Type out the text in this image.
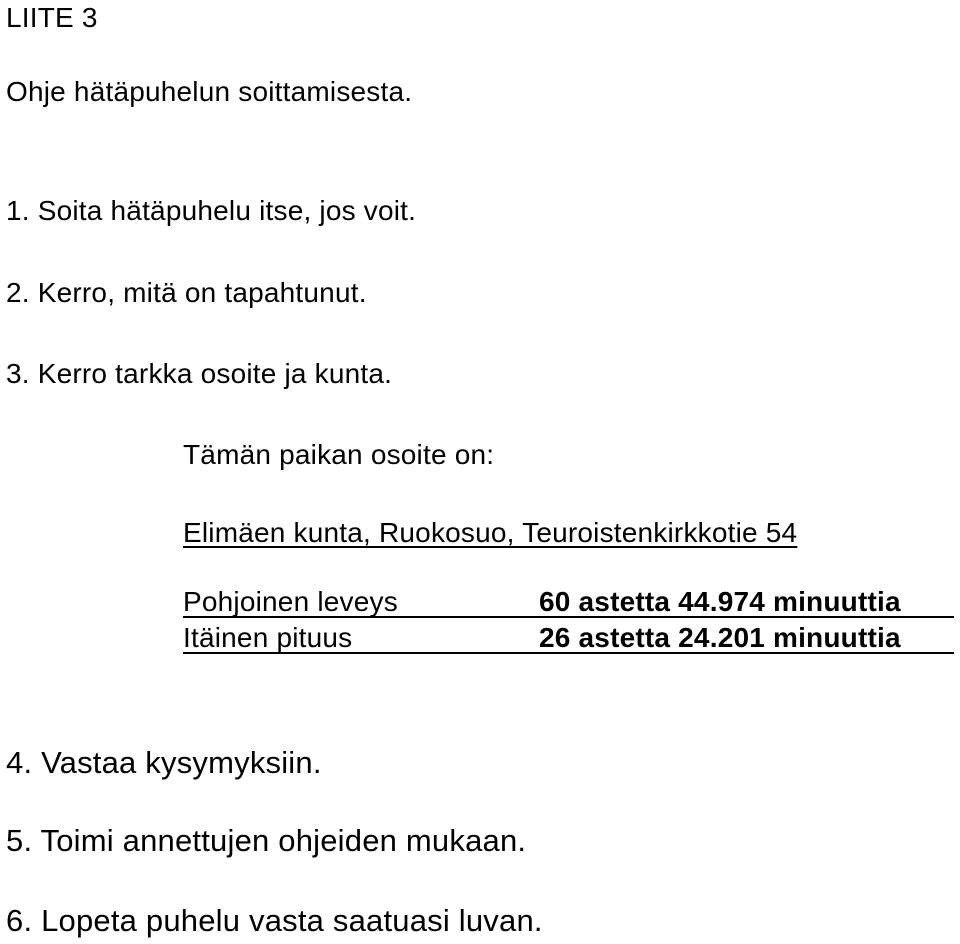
LIITE 3

Ohje hätäpuhelun soittamisesta.

1. Soita hätäpuhelu itse, jos voit.

2. Kerro, mitä on tapahtunut.

3. Kerro tarkka osoite ja kunta.

Tämän paikan osoite on:

Elimäen kunta, Ruokosuo, Teuroistenkirkkotie 54

Pohjoinen leveys	60 astetta 44.974 minuuttia

Itäinen pituus	26 astetta 24.201 minuuttia

4. Vastaa kysymyksiin.

5. Toimi annettujen ohjeiden mukaan.

6. Lopeta puhelu vasta saatuasi luvan.
